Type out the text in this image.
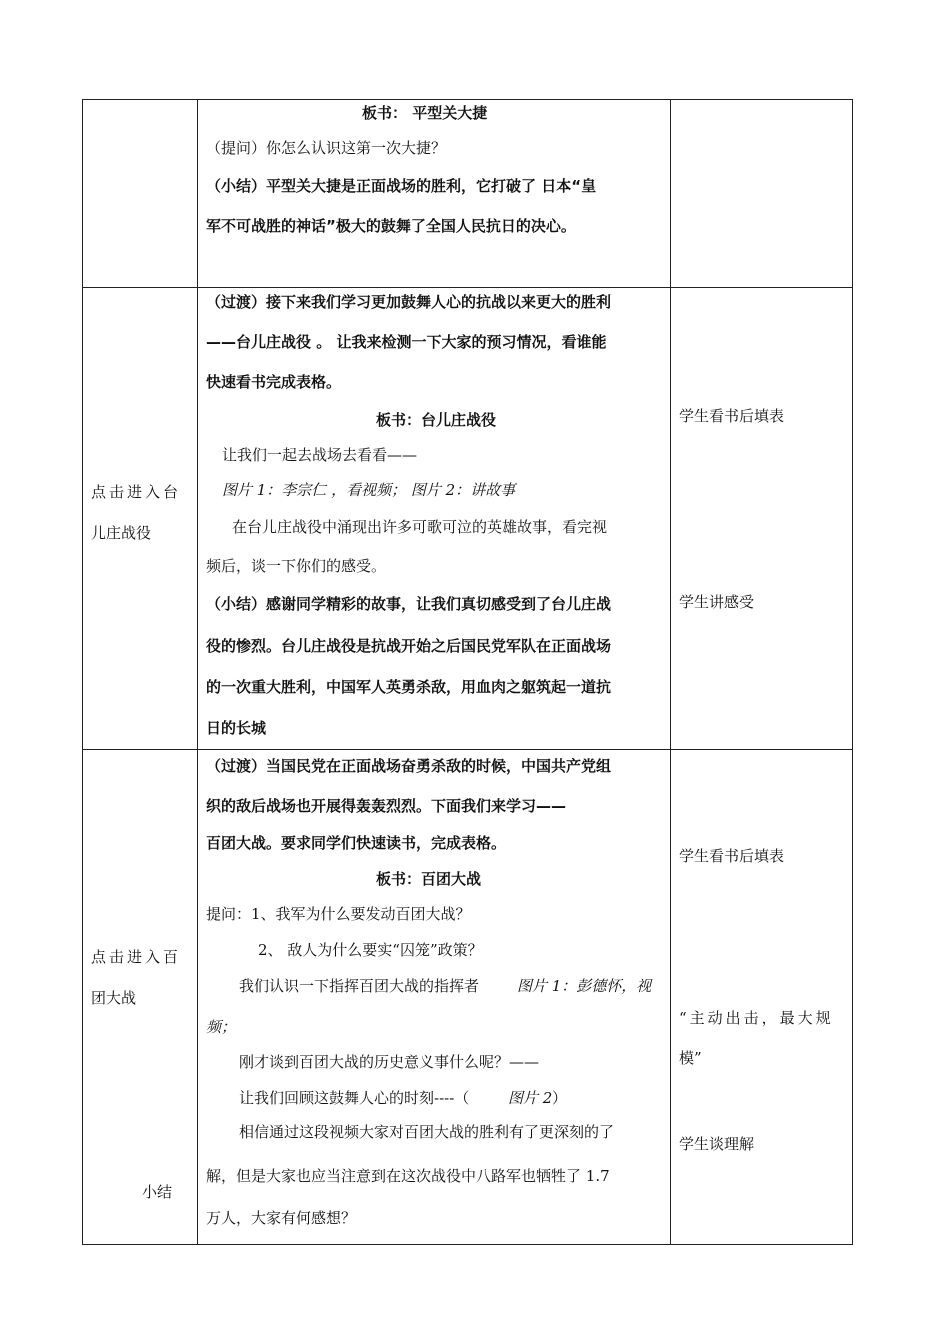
板书： 平型关大捷
（提问）你怎么认识这第一次大捷？
（小结）平型关大捷是正面战场的胜利，它打破了 日本“皇
军不可战胜的神话”极大的鼓舞了全国人民抗日的决心。
点击进入台
儿庄战役
（过渡）接下来我们学习更加鼓舞人心的抗战以来更大的胜利
——台儿庄战役 。 让我来检测一下大家的预习情况，看谁能
快速看书完成表格。
板书：台儿庄战役
让我们一起去战场去看看——
图片 1：李宗仁 ，看视频； 图片 2：讲故事
在台儿庄战役中涌现出许多可歌可泣的英雄故事，看完视
频后，谈一下你们的感受。
（小结）感谢同学精彩的故事，让我们真切感受到了台儿庄战
役的惨烈。台儿庄战役是抗战开始之后国民党军队在正面战场
的一次重大胜利，中国军人英勇杀敌，用血肉之躯筑起一道抗
日的长城
学生看书后填表
学生讲感受
点击进入百
团大战
小结
（过渡）当国民党在正面战场奋勇杀敌的时候，中国共产党组
织的敌后战场也开展得轰轰烈烈。下面我们来学习——
百团大战。要求同学们快速读书，完成表格。
板书：百团大战
提问：1、我军为什么要发动百团大战？
2、 敌人为什么要实“囚笼”政策？
我们认识一下指挥百团大战的指挥者	图片 1：彭德怀，视
频；
刚才谈到百团大战的历史意义事什么呢？——
让我们回顾这鼓舞人心的时刻----（	图片 2 ）
相信通过这段视频大家对百团大战的胜利有了更深刻的了
解，但是大家也应当注意到在这次战役中八路军也牺牲了 1.7
万人，大家有何感想？
学生看书后填表
“主动出击，最大规
模”
学生谈理解
